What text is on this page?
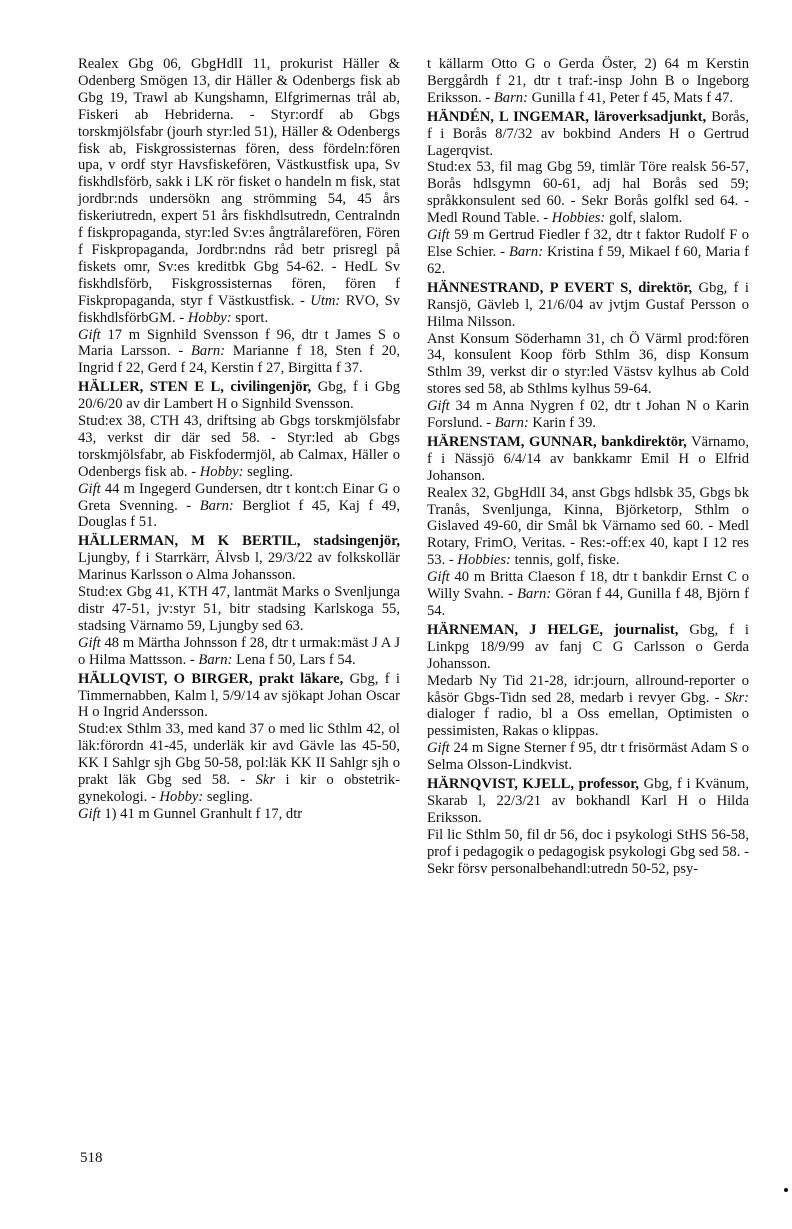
Realex Gbg 06, GbgHdlI 11, prokurist Häller & Odenberg Smögen 13, dir Häller & Odenbergs fisk ab Gbg 19, Trawl ab Kungshamn, Elfgrimernas trål ab, Fiskeri ab Hebriderna. - Styr:ordf ab Gbgs torskmjölsfabr (jourh styr:led 51), Häller & Odenbergs fisk ab, Fiskgrossisternas fören, dess fördeln:fören upa, v ordf styr Havsfiskefören, Västkustfisk upa, Sv fiskhdlsförb, sakk i LK rör fisket o handeln m fisk, stat jordbr:nds undersökn ang strömming 54, 45 års fiskeriutredn, expert 51 års fiskhdlsutredn, Centralndn f fiskpropaganda, styr:led Sv:es ångtrålarefören, Fören f Fiskpropaganda, Jordbr:ndns råd betr prisregl på fiskets omr, Sv:es kreditbk Gbg 54-62. - HedL Sv fiskhdlsförb, Fiskgrossisternas fören, fören f Fiskpropaganda, styr f Västkustfisk. - Utm: RVO, Sv fiskhdlsförbGM. - Hobby: sport.

Gift 17 m Signhild Svensson f 96, dtr t James S o Maria Larsson. - Barn: Marianne f 18, Sten f 20, Ingrid f 22, Gerd f 24, Kerstin f 27, Birgitta f 37.

HÄLLER, STEN E L, civilingenjör, Gbg, f i Gbg 20/6/20 av dir Lambert H o Signhild Svensson.

Stud:ex 38, CTH 43, driftsing ab Gbgs torskmjölsfabr 43, verkst dir där sed 58. - Styr:led ab Gbgs torskmjölsfabr, ab Fiskfodermjöl, ab Calmax, Häller o Odenbergs fisk ab. - Hobby: segling.

Gift 44 m Ingegerd Gundersen, dtr t kont:ch Einar G o Greta Svenning. - Barn: Bergliot f 45, Kaj f 49, Douglas f 51.

HÄLLERMAN, M K BERTIL, stadsingenjör, Ljungby, f i Starrkärr, Älvsb l, 29/3/22 av folkskollär Marinus Karlsson o Alma Johansson.

Stud:ex Gbg 41, KTH 47, lantmät Marks o Svenljunga distr 47-51, jv:styr 51, bitr stadsing Karlskoga 55, stadsing Värnamo 59, Ljungby sed 63.

Gift 48 m Märtha Johnsson f 28, dtr t urmak:mäst J A J o Hilma Mattsson. - Barn: Lena f 50, Lars f 54.

HÄLLQVIST, O BIRGER, prakt läkare, Gbg, f i Timmernabben, Kalm l, 5/9/14 av sjökapt Johan Oscar H o Ingrid Andersson.

Stud:ex Sthlm 33, med kand 37 o med lic Sthlm 42, ol läk:förordn 41-45, underläk kir avd Gävle las 45-50, KK I Sahlgr sjh Gbg 50-58, pol:läk KK II Sahlgr sjh o prakt läk Gbg sed 58. - Skr i kir o obstetrik-gynekologi. - Hobby: segling.

Gift 1) 41 m Gunnel Granhult f 17, dtr

t källarm Otto G o Gerda Öster, 2) 64 m Kerstin Berggårdh f 21, dtr t traf:-insp John B o Ingeborg Eriksson. - Barn: Gunilla f 41, Peter f 45, Mats f 47.

HÄNDÉN, L INGEMAR, läroverksadjunkt, Borås, f i Borås 8/7/32 av bokbind Anders H o Gertrud Lagerqvist.

Stud:ex 53, fil mag Gbg 59, timlär Töre realsk 56-57, Borås hdlsgymn 60-61, adj hal Borås sed 59; språkkonsulent sed 60. - Sekr Borås golfkl sed 64. - Medl Round Table. - Hobbies: golf, slalom.

Gift 59 m Gertrud Fiedler f 32, dtr t faktor Rudolf F o Else Schier. - Barn: Kristina f 59, Mikael f 60, Maria f 62.

HÄNNESTRAND, P EVERT S, direktör, Gbg, f i Ransjö, Gävleb l, 21/6/04 av jvtjm Gustaf Persson o Hilma Nilsson.

Anst Konsum Söderhamn 31, ch Ö Värml prod:fören 34, konsulent Koop förb Sthlm 36, disp Konsum Sthlm 39, verkst dir o styr:led Västsv kylhus ab Cold stores sed 58, ab Sthlms kylhus 59-64.

Gift 34 m Anna Nygren f 02, dtr t Johan N o Karin Forslund. - Barn: Karin f 39.

HÄRENSTAM, GUNNAR, bankdirektör, Värnamo, f i Nässjö 6/4/14 av bankkamr Emil H o Elfrid Johanson.

Realex 32, GbgHdlI 34, anst Gbgs hdlsbk 35, Gbgs bk Tranås, Svenljunga, Kinna, Björketorp, Sthlm o Gislaved 49-60, dir Smål bk Värnamo sed 60. - Medl Rotary, FrimO, Veritas. - Res:-off:ex 40, kapt I 12 res 53. - Hobbies: tennis, golf, fiske.

Gift 40 m Britta Claeson f 18, dtr t bankdir Ernst C o Willy Svahn. - Barn: Göran f 44, Gunilla f 48, Björn f 54.

HÄRNEMAN, J HELGE, journalist, Gbg, f i Linkpg 18/9/99 av fanj C G Carlsson o Gerda Johansson.

Medarb Ny Tid 21-28, idr:journ, allround-reporter o kåsör Gbgs-Tidn sed 28, medarb i revyer Gbg. - Skr: dialoger f radio, bl a Oss emellan, Optimisten o pessimisten, Rakas o klippas.

Gift 24 m Signe Sterner f 95, dtr t frisörmäst Adam S o Selma Olsson-Lindkvist.

HÄRNQVIST, KJELL, professor, Gbg, f i Kvänum, Skarab l, 22/3/21 av bokhandl Karl H o Hilda Eriksson.

Fil lic Sthlm 50, fil dr 56, doc i psykologi StHS 56-58, prof i pedagogik o pedagogisk psykologi Gbg sed 58. - Sekr försv personalbehandl:utredn 50-52, psy-

518
